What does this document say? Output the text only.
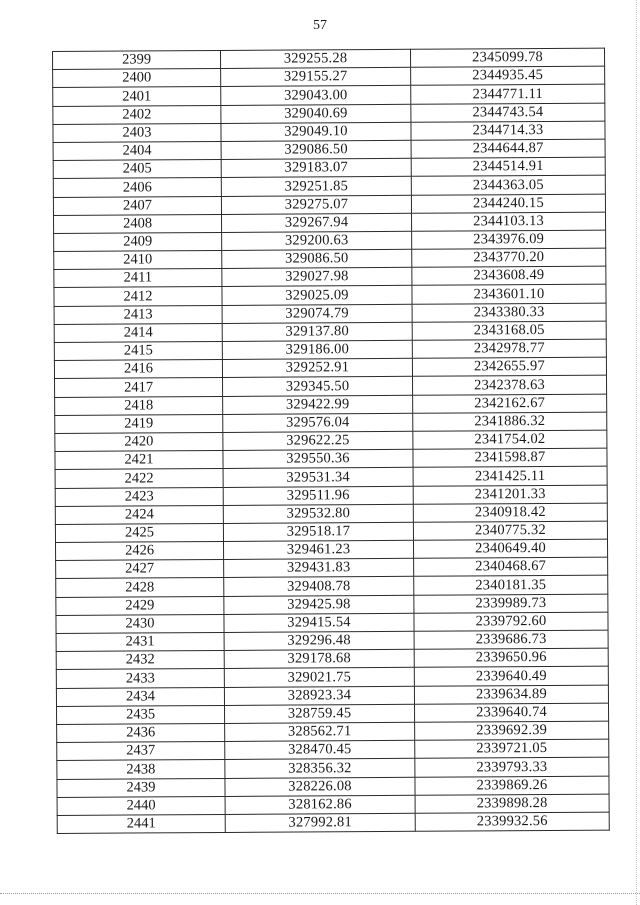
57
2399	329255.28	2345099.78
2400	329155.27	2344935.45
2401	329043.00	2344771.11
2402	329040.69	2344743.54
2403	329049.10	2344714.33
2404	329086.50	2344644.87
2405	329183.07	2344514.91
2406	329251.85	2344363.05
2407	329275.07	2344240.15
2408	329267.94	2344103.13
2409	329200.63	2343976.09
2410	329086.50	2343770.20
2411	329027.98	2343608.49
2412	329025.09	2343601.10
2413	329074.79	2343380.33
2414	329137.80	2343168.05
2415	329186.00	2342978.77
2416	329252.91	2342655.97
2417	329345.50	2342378.63
2418	329422.99	2342162.67
2419	329576.04	2341886.32
2420	329622.25	2341754.02
2421	329550.36	2341598.87
2422	329531.34	2341425.11
2423	329511.96	2341201.33
2424	329532.80	2340918.42
2425	329518.17	2340775.32
2426	329461.23	2340649.40
2427	329431.83	2340468.67
2428	329408.78	2340181.35
2429	329425.98	2339989.73
2430	329415.54	2339792.60
2431	329296.48	2339686.73
2432	329178.68	2339650.96
2433	329021.75	2339640.49
2434	328923.34	2339634.89
2435	328759.45	2339640.74
2436	328562.71	2339692.39
2437	328470.45	2339721.05
2438	328356.32	2339793.33
2439	328226.08	2339869.26
2440	328162.86	2339898.28
2441	327992.81	2339932.56
